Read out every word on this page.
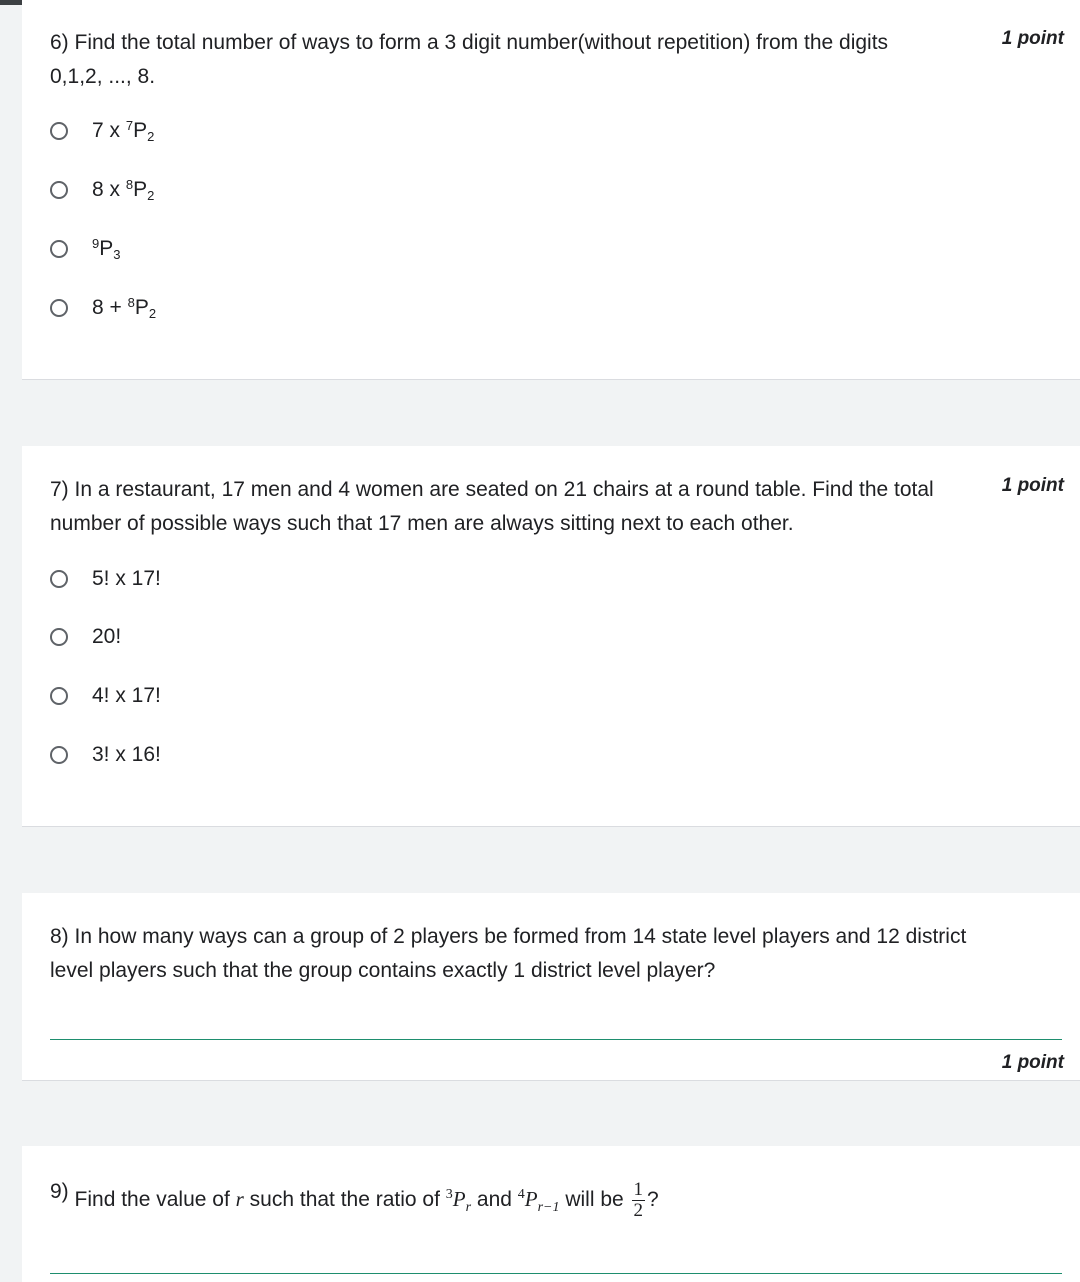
6) Find the total number of ways to form a 3 digit number(without repetition) from the digits
0,1,2, ..., 8.
1 point
7 x $^7P_2$
8 x $^8P_2$
$^9P_3$
$8 + ^8P_2$
7) In a restaurant, 17 men and 4 women are seated on 21 chairs at a round table. Find the total
number of possible ways such that 17 men are always sitting next to each other.
1 point
5! x 17!
20!
4! x 17!
3! x 16!
8) In how many ways can a group of 2 players be formed from 14 state level players and 12 district
level players such that the group contains exactly 1 district level player?
1 point
9) Find the value of r such that the ratio of $^3P_r$ and $^4P_{r-1}$ will be $\frac{1}{2}$ ?
